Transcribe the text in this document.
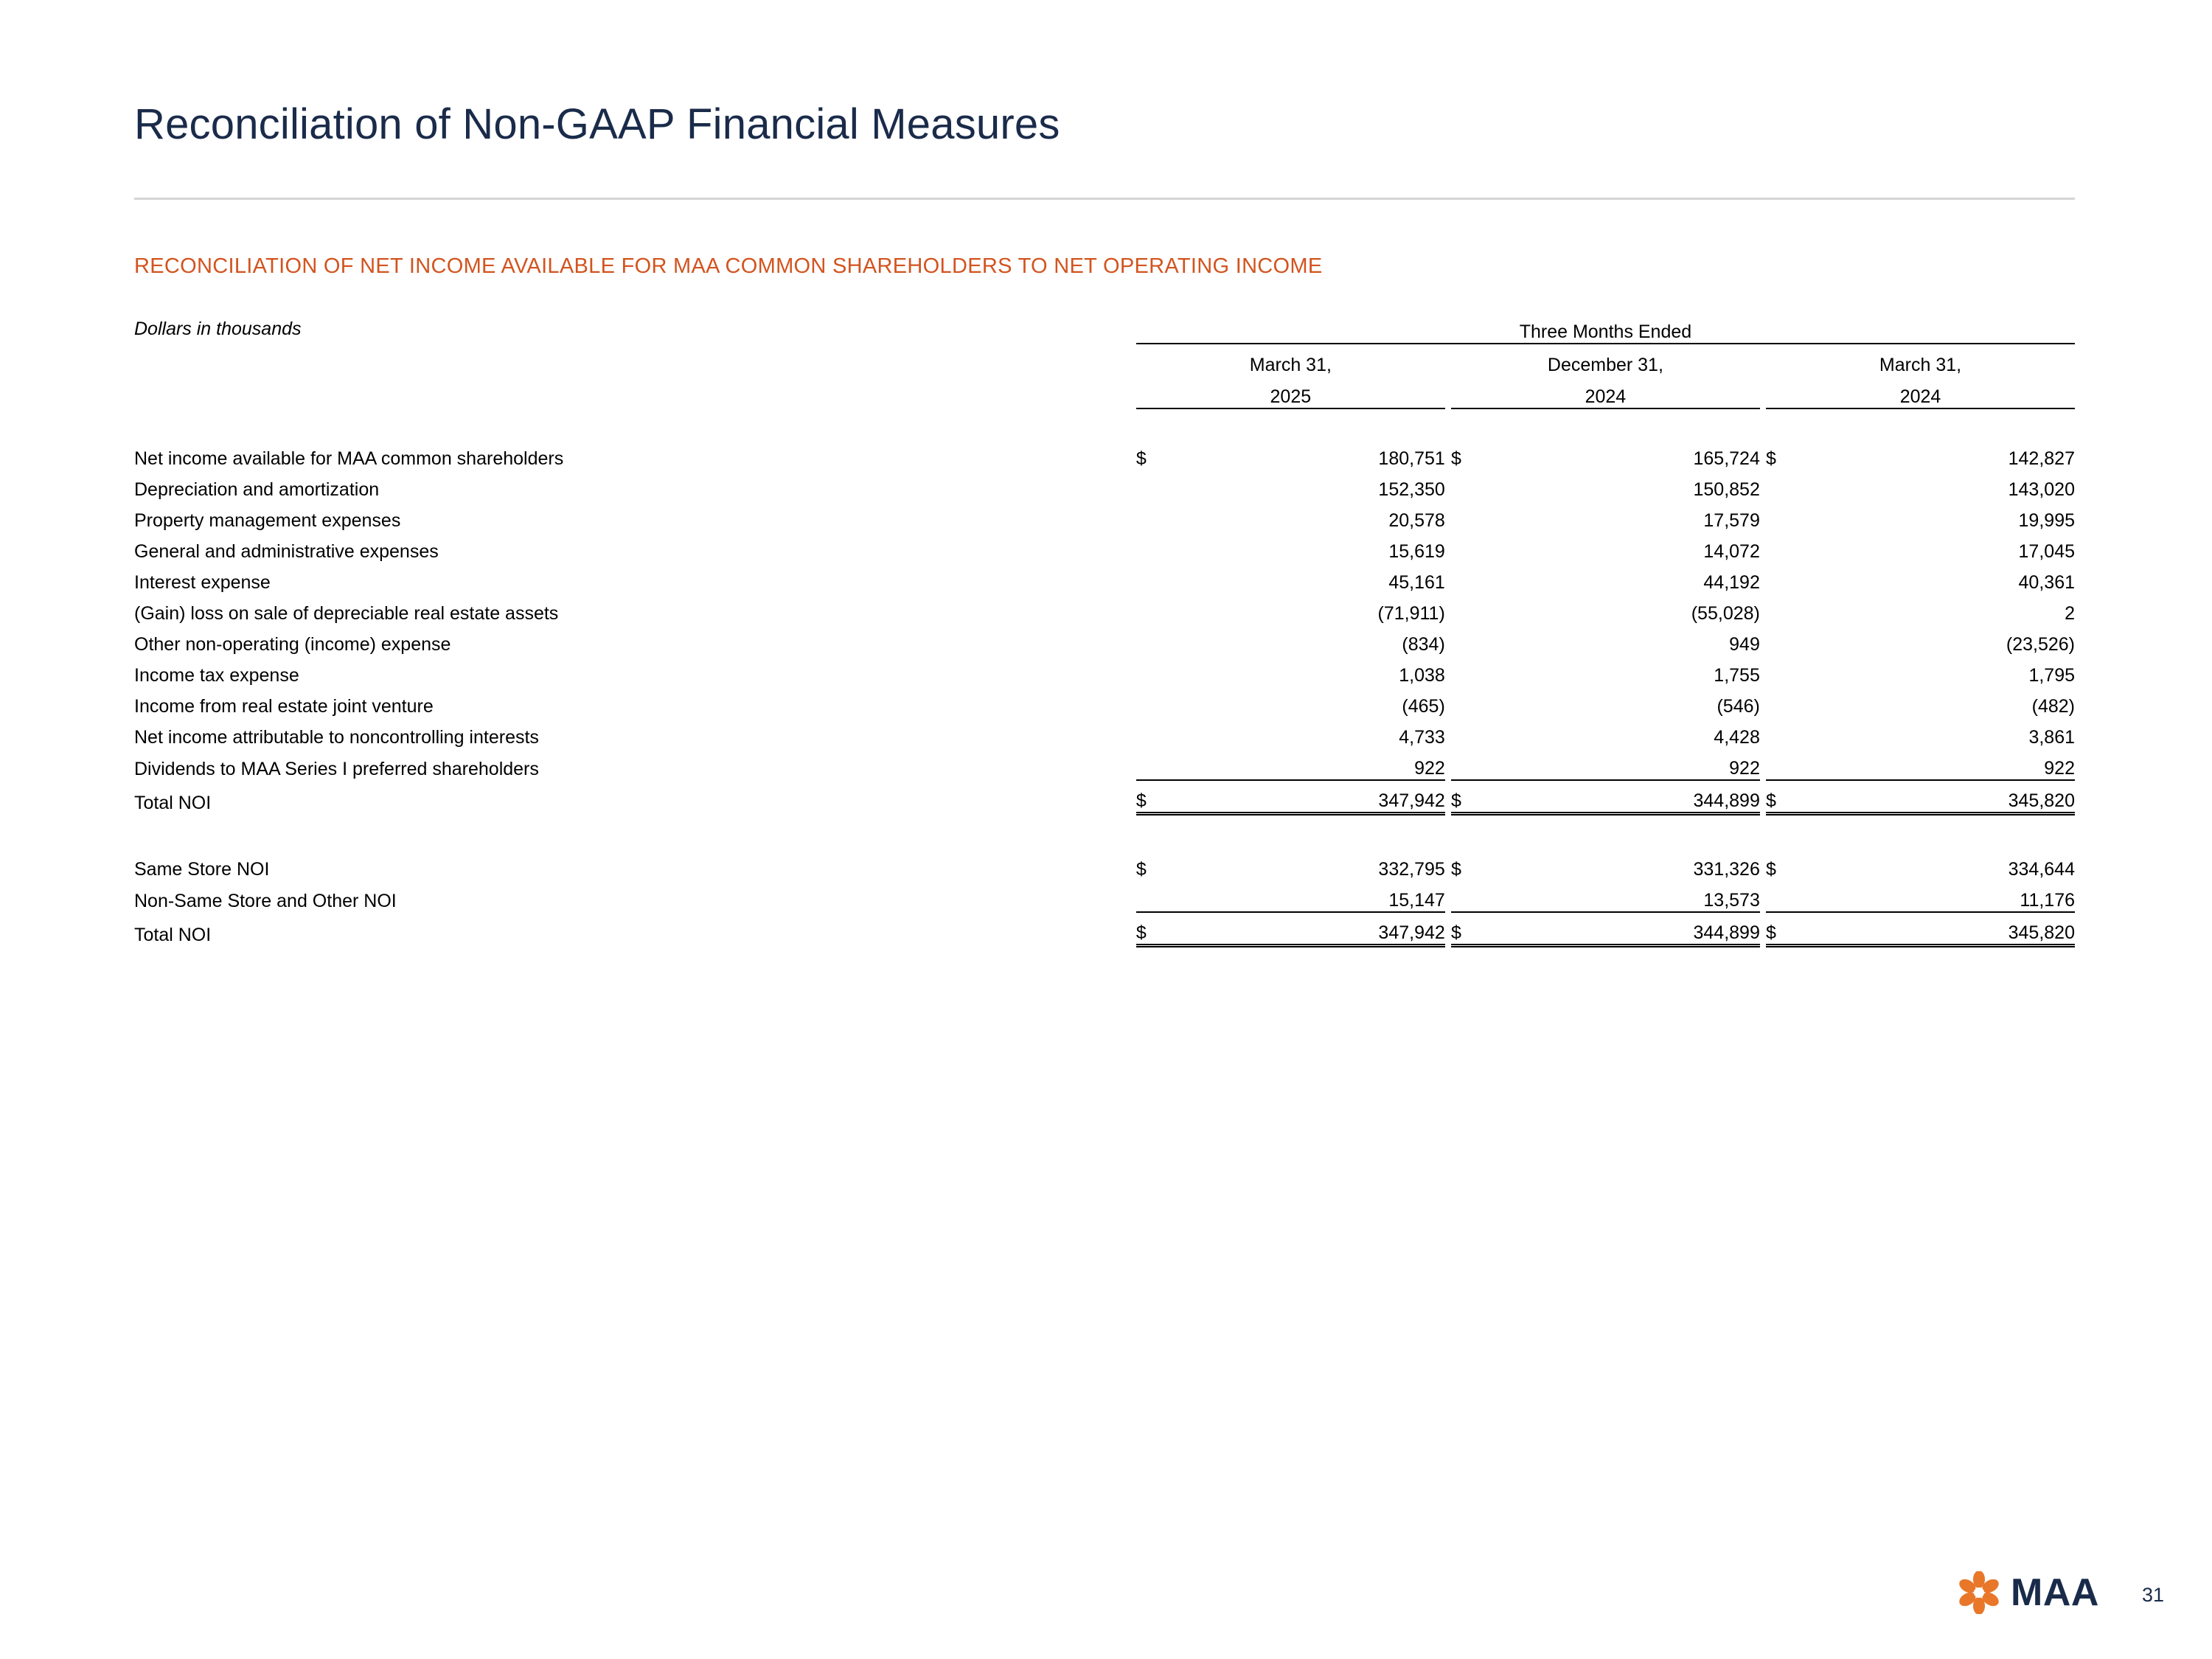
Reconciliation of Non-GAAP Financial Measures
RECONCILIATION OF NET INCOME AVAILABLE FOR MAA COMMON SHAREHOLDERS TO NET OPERATING INCOME
Dollars in thousands
		Three Months Ended							
	March 31,			December 31,			March 31,	
	2025			2024			2024	

Net income available for MAA common shareholders	$	180,751		$	165,724		$	142,827
Depreciation and amortization		152,350			150,852			143,020
Property management expenses		20,578			17,579			19,995
General and administrative expenses		15,619			14,072			17,045
Interest expense		45,161			44,192			40,361
(Gain) loss on sale of depreciable real estate assets		(71,911)			(55,028)			2
Other non-operating (income) expense		(834)			949			(23,526)
Income tax expense		1,038			1,755			1,795
Income from real estate joint venture		(465)			(546)			(482)
Net income attributable to noncontrolling interests		4,733			4,428			3,861
Dividends to MAA Series I preferred shareholders		922			922			922
Total NOI	$	347,942		$	344,899		$	345,820

Same Store NOI	$	332,795		$	331,326		$	334,644
Non-Same Store and Other NOI		15,147			13,573			11,176
Total NOI	$	347,942		$	344,899		$	345,820
MAA 31
